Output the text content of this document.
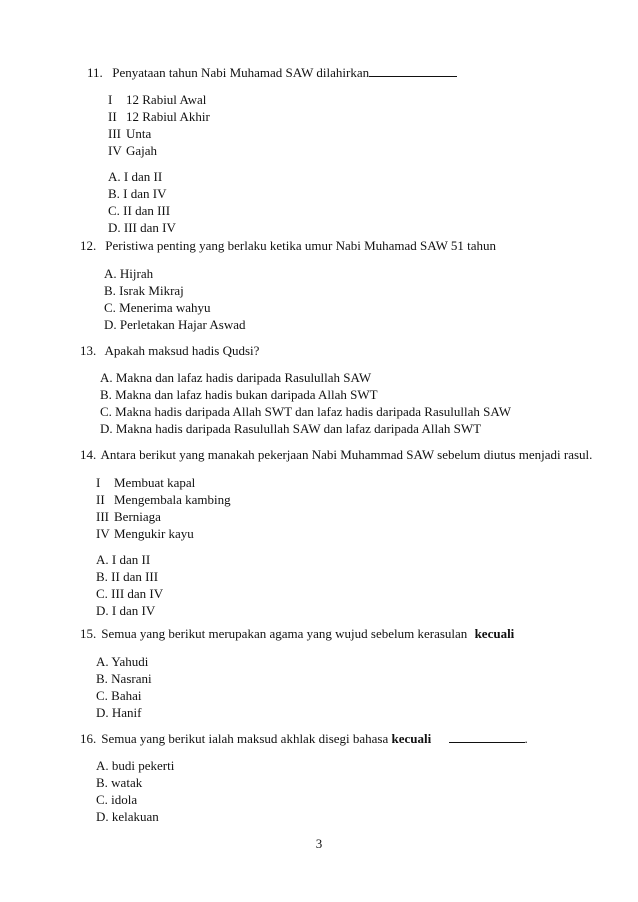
11. Penyataan tahun Nabi Muhamad SAW dilahirkan
I 12 Rabiul Awal
II 12 Rabiul Akhir
III Unta
IV Gajah
A. I dan II
B. I dan IV
C. II dan III
D. III dan IV
12. Peristiwa penting yang berlaku ketika umur Nabi Muhamad SAW 51 tahun
A. Hijrah
B. Israk Mikraj
C. Menerima wahyu
D. Perletakan Hajar Aswad
13. Apakah maksud hadis Qudsi?
A. Makna dan lafaz hadis daripada Rasulullah SAW
B. Makna dan lafaz hadis bukan daripada Allah SWT
C. Makna hadis daripada Allah SWT dan lafaz hadis daripada Rasulullah SAW
D. Makna hadis daripada Rasulullah SAW dan lafaz daripada Allah SWT
14. Antara berikut yang manakah pekerjaan Nabi Muhammad SAW sebelum diutus menjadi rasul.
I Membuat kapal
II Mengembala kambing
III Berniaga
IV Mengukir kayu
A. I dan II
B. II dan III
C. III dan IV
D. I dan IV
15. Semua yang berikut merupakan agama yang wujud sebelum kerasulan kecuali
A. Yahudi
B. Nasrani
C. Bahai
D. Hanif
16. Semua yang berikut ialah maksud akhlak disegi bahasa kecuali	.
A. budi pekerti
B. watak
C. idola
D. kelakuan
3
